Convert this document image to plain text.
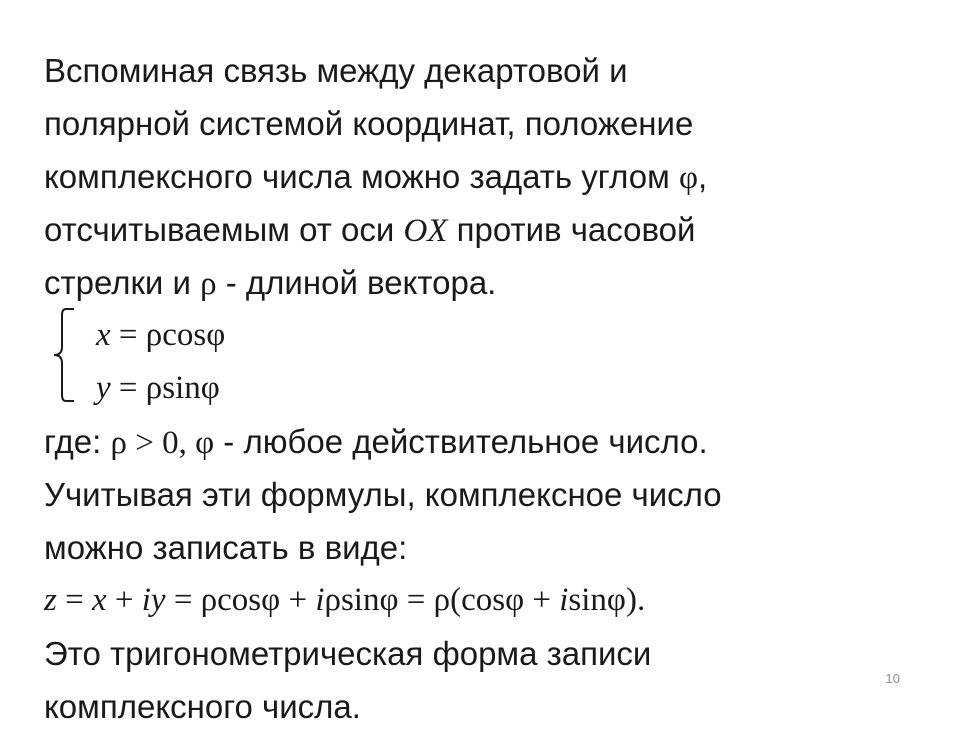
Вспоминая связь между декартовой и
полярной системой координат, положение
комплексного числа можно задать углом φ,
отсчитываемым от оси OX против часовой
стрелки и ρ - длиной вектора.
x = ρcosφ
y = ρsinφ
где: ρ > 0, φ - любое действительное число.
Учитывая эти формулы, комплексное число
можно записать в виде:
z = x + iy = ρcosφ + iρsinφ = ρ(cosφ + isinφ).
Это тригонометрическая форма записи
комплексного числа.
10
